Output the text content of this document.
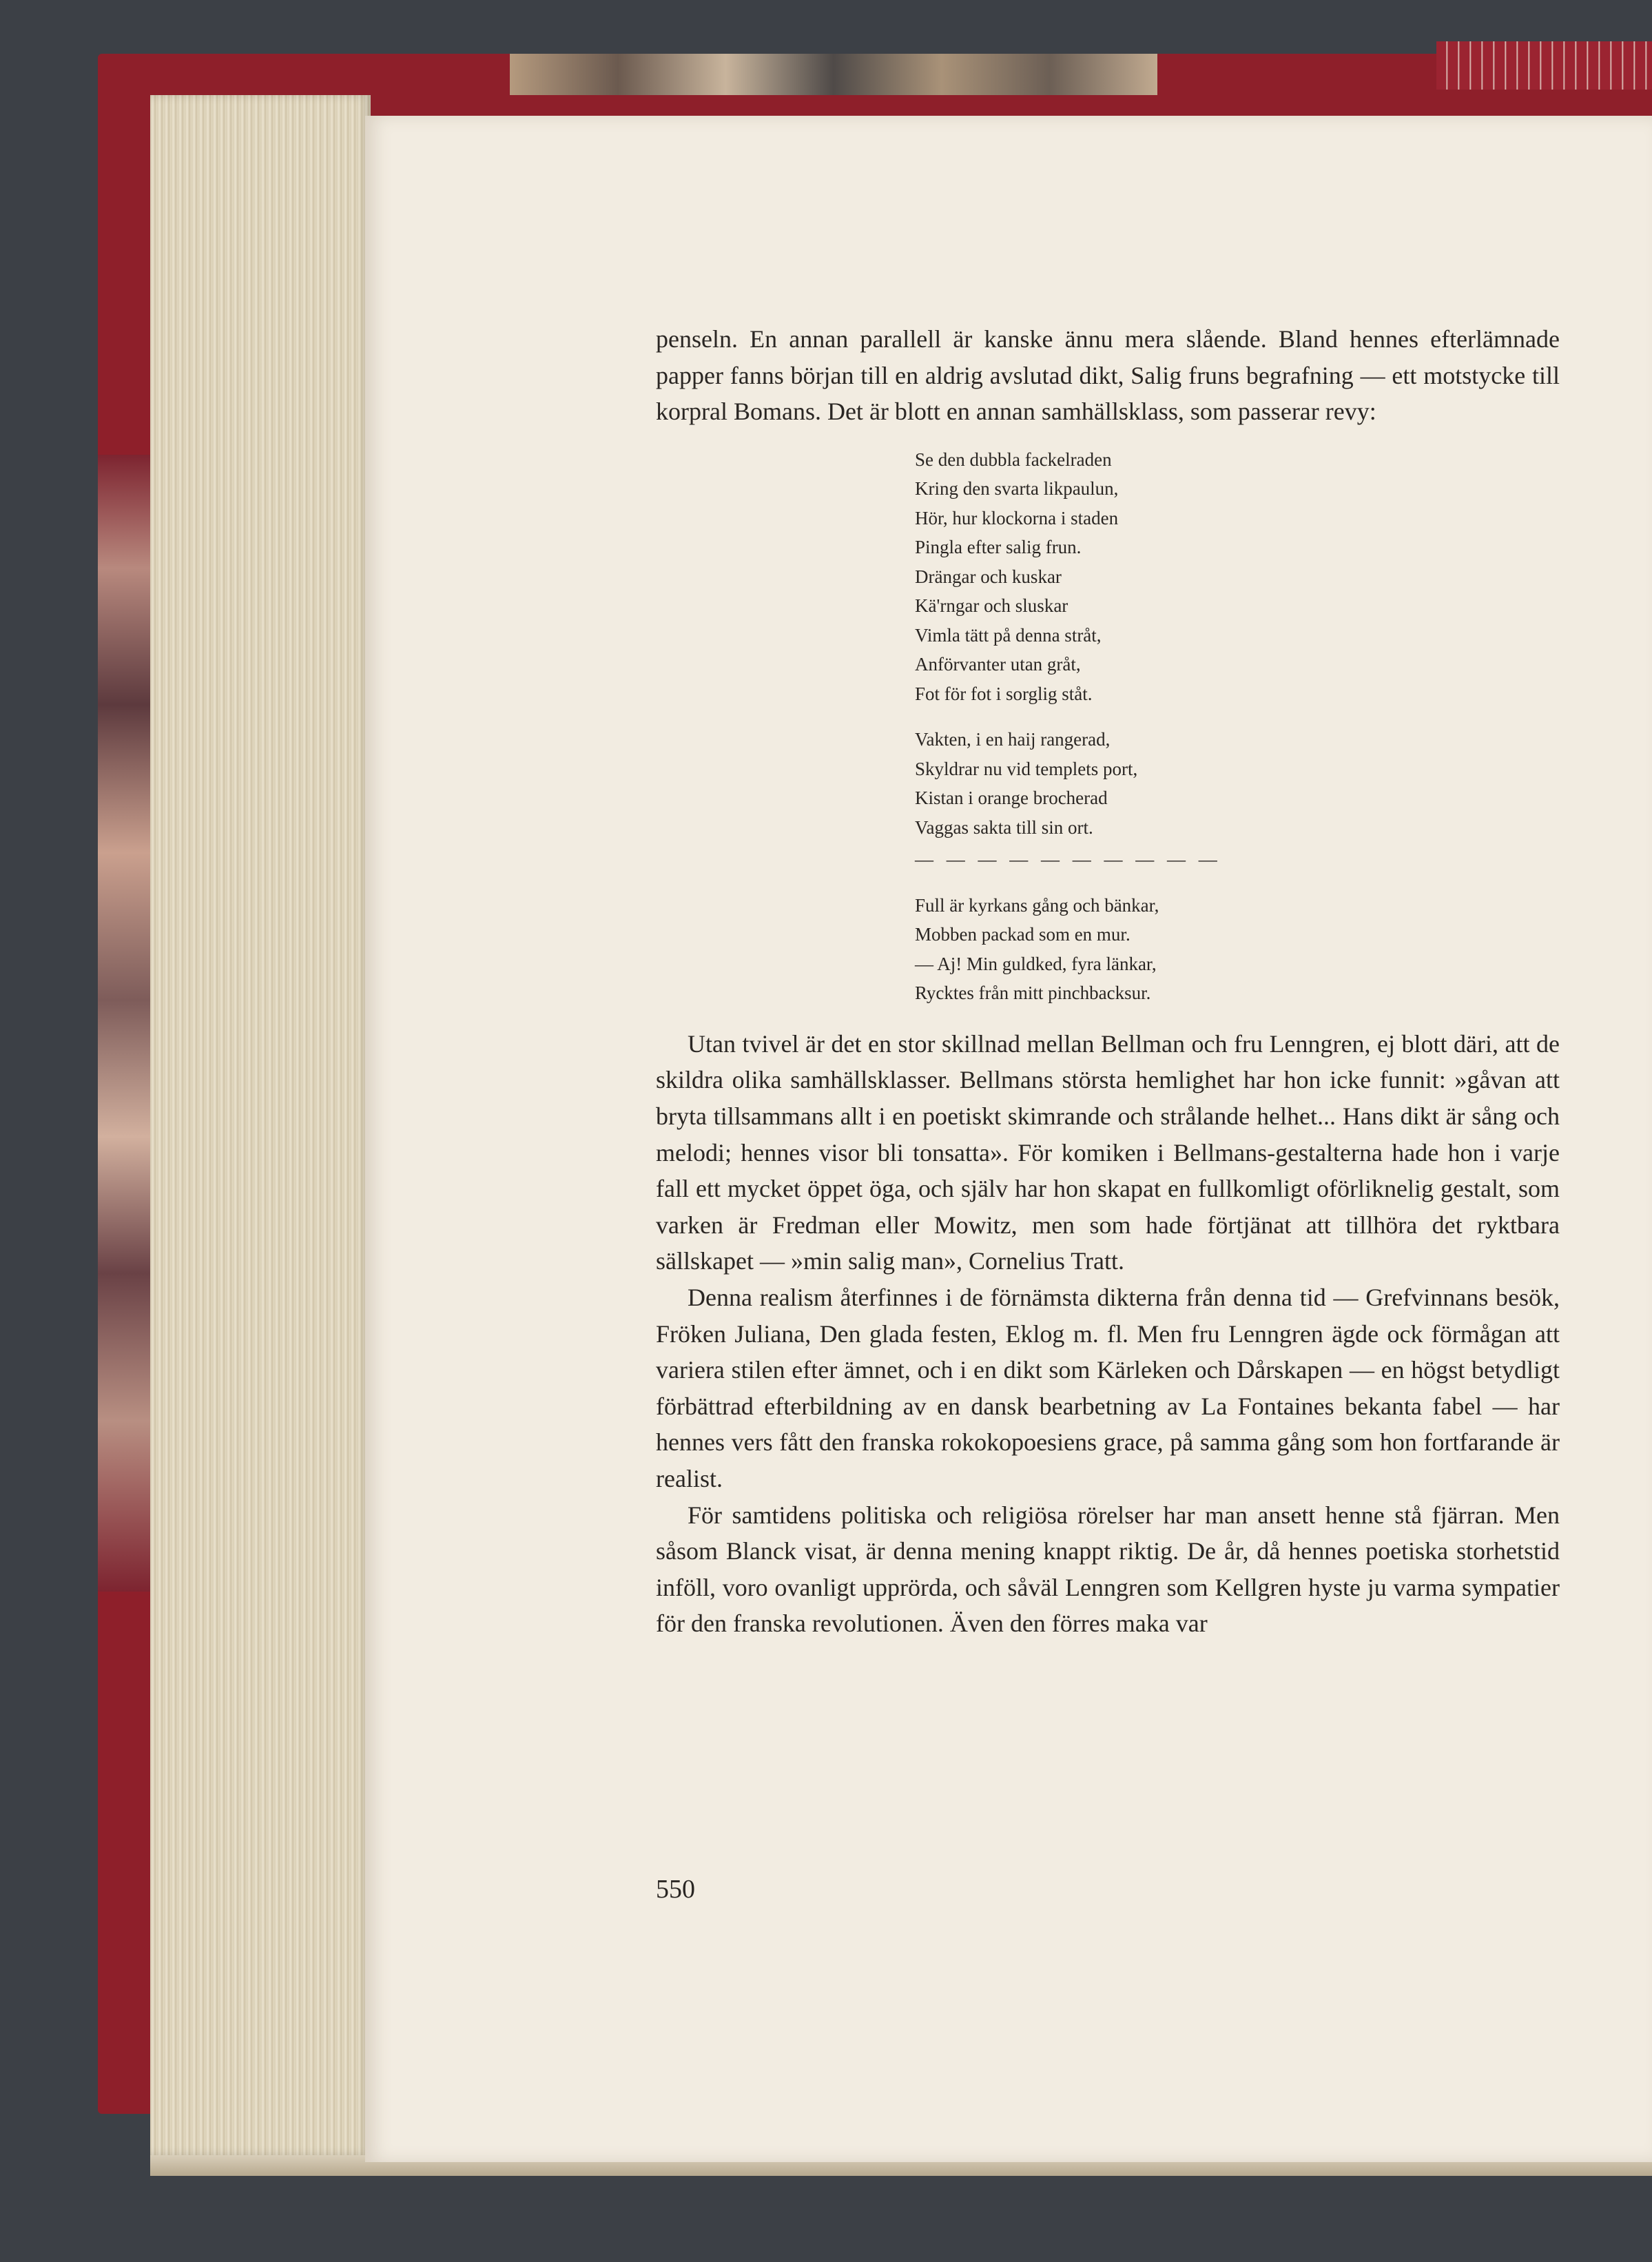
penseln. En annan parallell är kanske ännu mera slående. Bland hennes efterlämnade papper fanns början till en aldrig avslutad dikt, Salig fruns begrafning — ett motstycke till korpral Bomans. Det är blott en annan samhällsklass, som passerar revy:

Se den dubbla fackelraden
Kring den svarta likpaulun,
Hör, hur klockorna i staden
Pingla efter salig frun.
Drängar och kuskar
Kä'rngar och sluskar
Vimla tätt på denna stråt,
Anförvanter utan gråt,
Fot för fot i sorglig ståt.
Vakten, i en haij rangerad,
Skyldrar nu vid templets port,
Kistan i orange brocherad
Vaggas sakta till sin ort.
— — — — — — — — — —
Full är kyrkans gång och bänkar,
Mobben packad som en mur.
— Aj! Min guldked, fyra länkar,
Rycktes från mitt pinchbacksur.

Utan tvivel är det en stor skillnad mellan Bellman och fru Lenngren, ej blott däri, att de skildra olika samhällsklasser. Bellmans största hemlighet har hon icke funnit: »gåvan att bryta tillsammans allt i en poetiskt skimrande och strålande helhet... Hans dikt är sång och melodi; hennes visor bli tonsatta». För komiken i Bellmans-gestalterna hade hon i varje fall ett mycket öppet öga, och själv har hon skapat en fullkomligt oförliknelig gestalt, som varken är Fredman eller Mowitz, men som hade förtjänat att tillhöra det ryktbara sällskapet — »min salig man», Cornelius Tratt.

Denna realism återfinnes i de förnämsta dikterna från denna tid — Grefvinnans besök, Fröken Juliana, Den glada festen, Eklog m. fl. Men fru Lenngren ägde ock förmågan att variera stilen efter ämnet, och i en dikt som Kärleken och Dårskapen — en högst betydligt förbättrad efterbildning av en dansk bearbetning av La Fontaines bekanta fabel — har hennes vers fått den franska rokokopoesiens grace, på samma gång som hon fortfarande är realist.

För samtidens politiska och religiösa rörelser har man ansett henne stå fjärran. Men såsom Blanck visat, är denna mening knappt riktig. De år, då hennes poetiska storhetstid inföll, voro ovanligt upprörda, och såväl Lenngren som Kellgren hyste ju varma sympatier för den franska revolutionen. Även den förres maka var

550
